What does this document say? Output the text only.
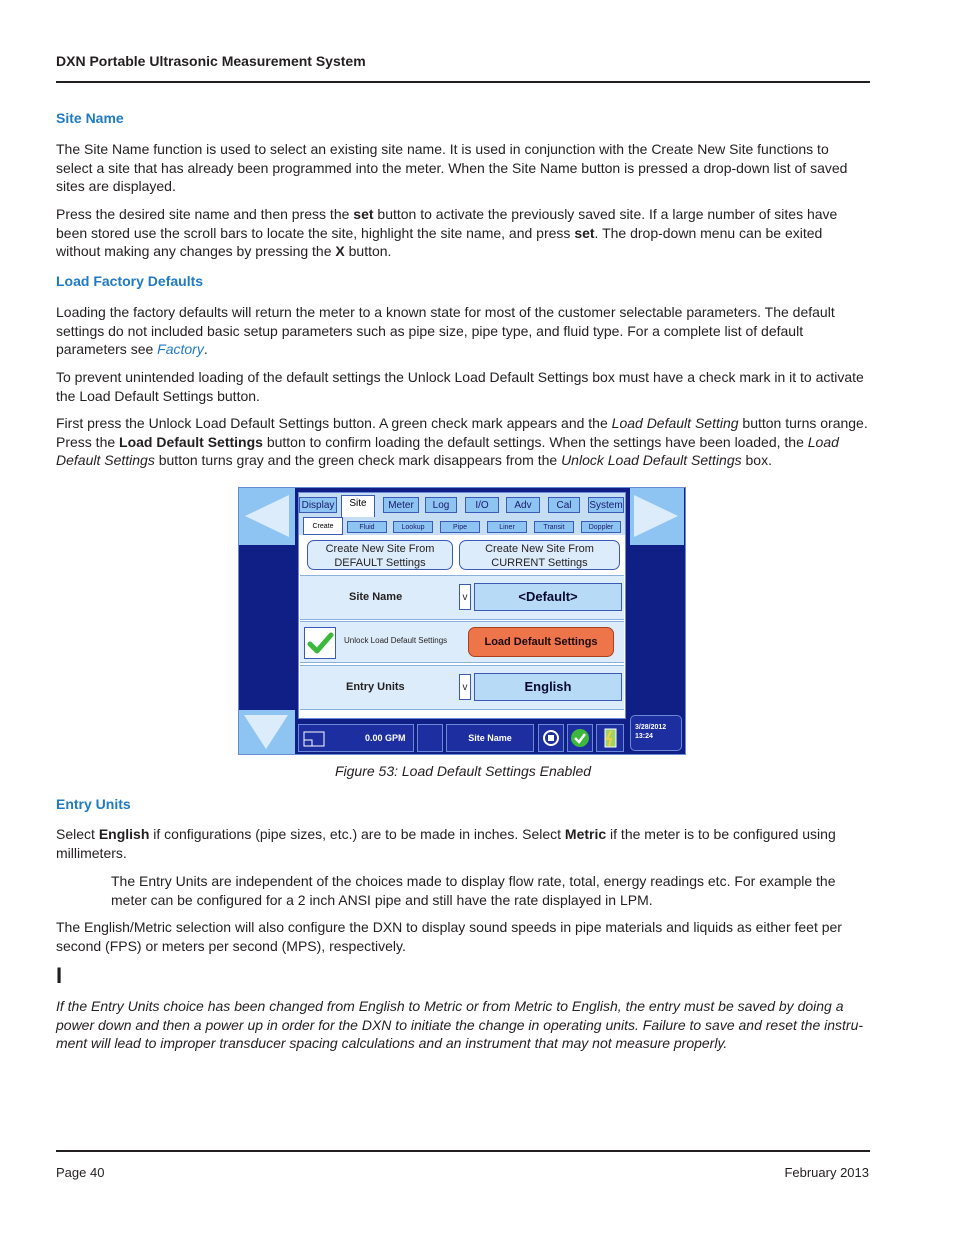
DXN Portable Ultrasonic Measurement System
Site Name
The Site Name function is used to select an existing site name. It is used in conjunction with the Create New Site functions to select a site that has already been programmed into the meter. When the Site Name button is pressed a drop-down list of saved sites are displayed.
Press the desired site name and then press the set button to activate the previously saved site. If a large number of sites have been stored use the scroll bars to locate the site, highlight the site name, and press set. The drop-down menu can be exited without making any changes by pressing the X button.
Load Factory Defaults
Loading the factory defaults will return the meter to a known state for most of the customer selectable parameters. The default settings do not included basic setup parameters such as pipe size, pipe type, and fluid type. For a complete list of default parameters see Factory.
To prevent unintended loading of the default settings the Unlock Load Default Settings box must have a check mark in it to activate the Load Default Settings button.
First press the Unlock Load Default Settings button. A green check mark appears and the Load Default Setting button turns orange. Press the Load Default Settings button to confirm loading the default settings. When the settings have been loaded, the Load Default Settings button turns gray and the green check mark disappears from the Unlock Load Default Settings box.
Display	Site	Meter	Log	I/O	Adv	Cal	System
Create	Fluid	Lookup	Pipe	Liner	Transit	Doppler
Create New Site From
DEFAULT Settings
Create New Site From
CURRENT Settings
Site Name	v	<Default>
Unlock Load Default Settings	Load Default Settings
Entry Units	v	English
0.00 GPM	Site Name
3/28/2012
13:24
Figure 53: Load Default Settings Enabled
Entry Units
Select English if configurations (pipe sizes, etc.) are to be made in inches. Select Metric if the meter is to be configured using millimeters.
The Entry Units are independent of the choices made to display flow rate, total, energy readings etc. For example the meter can be configured for a 2 inch ANSI pipe and still have the rate displayed in LPM.
The English/Metric selection will also configure the DXN to display sound speeds in pipe materials and liquids as either feet per second (FPS) or meters per second (MPS), respectively.
I
If the Entry Units choice has been changed from English to Metric or from Metric to English, the entry must be saved by doing a power down and then a power up in order for the DXN to initiate the change in operating units. Failure to save and reset the instru-ment will lead to improper transducer spacing calculations and an instrument that may not measure properly.
Page 40	February 2013
